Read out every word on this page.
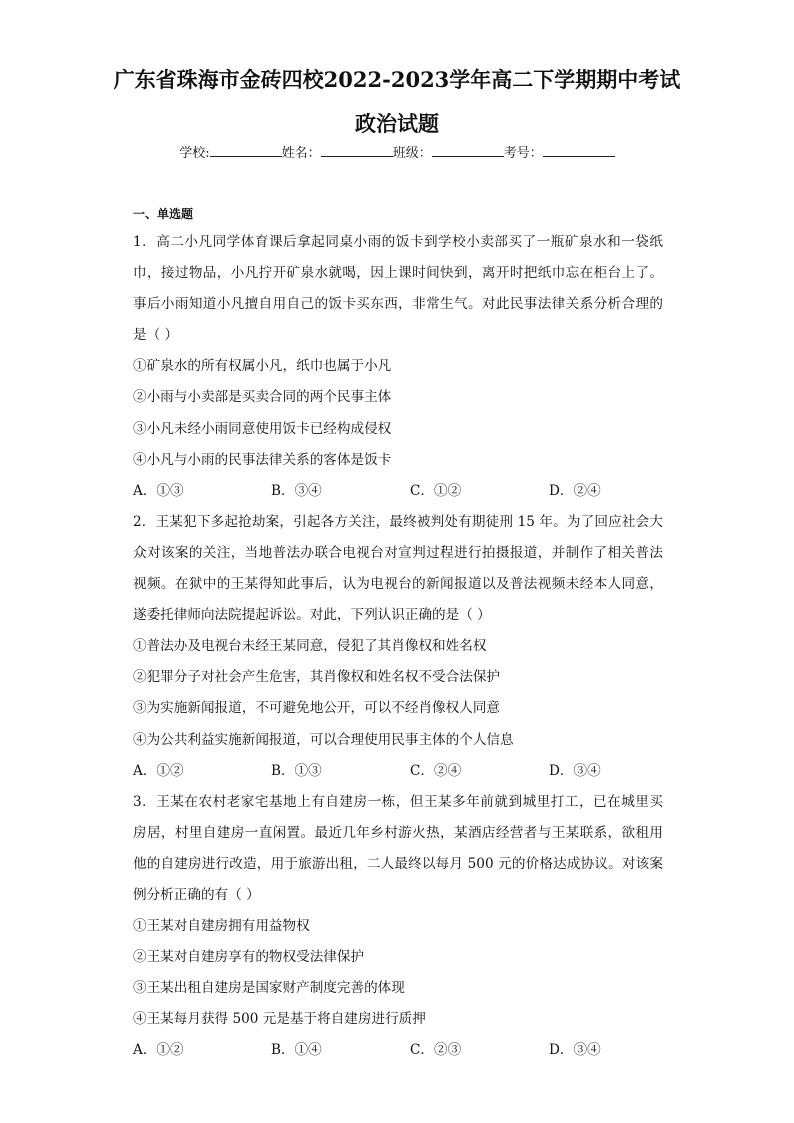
广东省珠海市金砖四校2022-2023学年高二下学期期中考试
政治试题
学校:	姓名：	班级：	考号：
一、单选题
1．高二小凡同学体育课后拿起同桌小雨的饭卡到学校小卖部买了一瓶矿泉水和一袋纸
巾，接过物品，小凡拧开矿泉水就喝，因上课时间快到，离开时把纸巾忘在柜台上了。
事后小雨知道小凡擅自用自己的饭卡买东西，非常生气。对此民事法律关系分析合理的
是（ ）
①矿泉水的所有权属小凡，纸巾也属于小凡
②小雨与小卖部是买卖合同的两个民事主体
③小凡未经小雨同意使用饭卡已经构成侵权
④小凡与小雨的民事法律关系的客体是饭卡
A．①③	B．③④	C．①②	D．②④
2．王某犯下多起抢劫案，引起各方关注，最终被判处有期徒刑 15 年。为了回应社会大
众对该案的关注，当地普法办联合电视台对宣判过程进行拍摄报道，并制作了相关普法
视频。在狱中的王某得知此事后，认为电视台的新闻报道以及普法视频未经本人同意，
遂委托律师向法院提起诉讼。对此，下列认识正确的是（ ）
①普法办及电视台未经王某同意，侵犯了其肖像权和姓名权
②犯罪分子对社会产生危害，其肖像权和姓名权不受合法保护
③为实施新闻报道，不可避免地公开，可以不经肖像权人同意
④为公共利益实施新闻报道，可以合理使用民事主体的个人信息
A．①②	B．①③	C．②④	D．③④
3．王某在农村老家宅基地上有自建房一栋，但王某多年前就到城里打工，已在城里买
房居，村里自建房一直闲置。最近几年乡村游火热，某酒店经营者与王某联系，欲租用
他的自建房进行改造，用于旅游出租，二人最终以每月 500 元的价格达成协议。对该案
例分析正确的有（ ）
①王某对自建房拥有用益物权
②王某对自建房享有的物权受法律保护
③王某出租自建房是国家财产制度完善的体现
④王某每月获得 500 元是基于将自建房进行质押
A．①②	B．①④	C．②③	D．③④
